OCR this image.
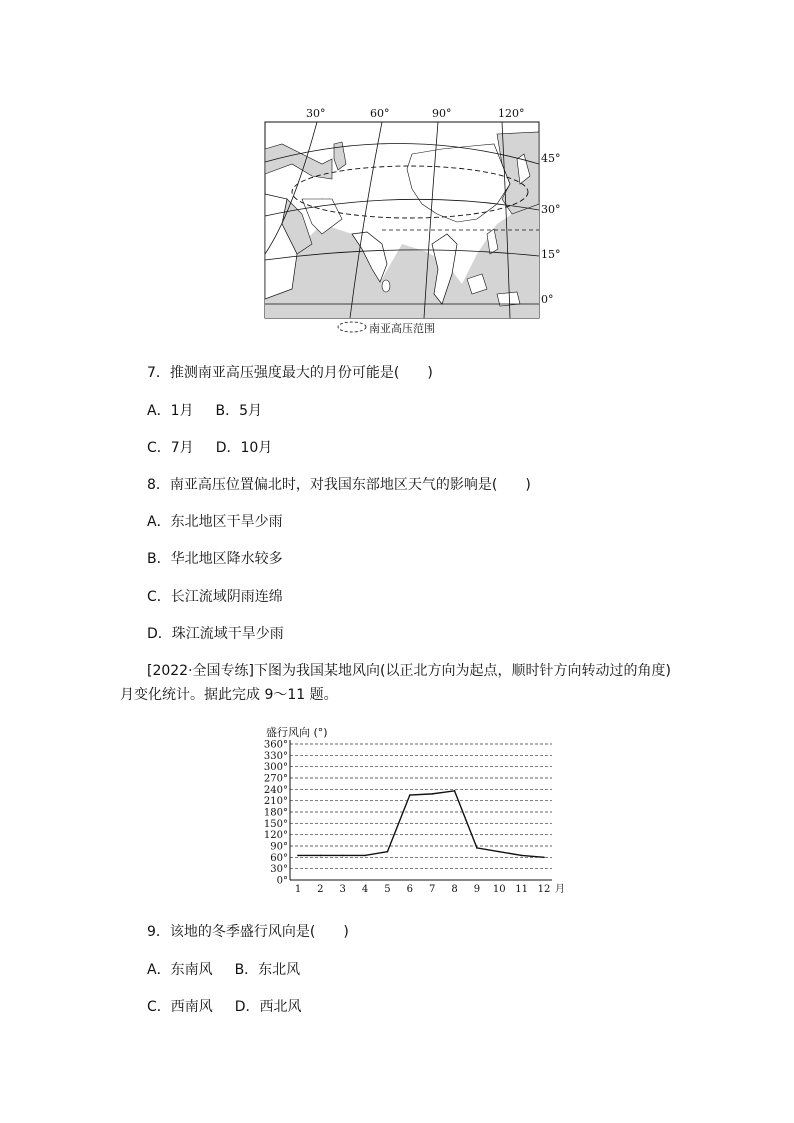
30°	60°	90°	120°
45°
30°
15°
0°
南亚高压范围
7．推测南亚高压强度最大的月份可能是(　　)
A．1月 B．5月
C．7月 D．10月
8．南亚高压位置偏北时，对我国东部地区天气的影响是(　　)
A．东北地区干旱少雨
B．华北地区降水较多
C．长江流域阴雨连绵
D．珠江流域干旱少雨
[2022·全国专练]下图为我国某地风向(以正北方向为起点，顺时针方向转动过的角度)
月变化统计。据此完成 9～11 题。
盛行风向 (°)
0°
30°
60°
90°
120°
150°
180°
210°
240°
270°
300°
330°
360°
1 2 3 4 5 6 7 8 9 10 11 12 月
9．该地的冬季盛行风向是(　　)
A．东南风 B．东北风
C．西南风 D．西北风
